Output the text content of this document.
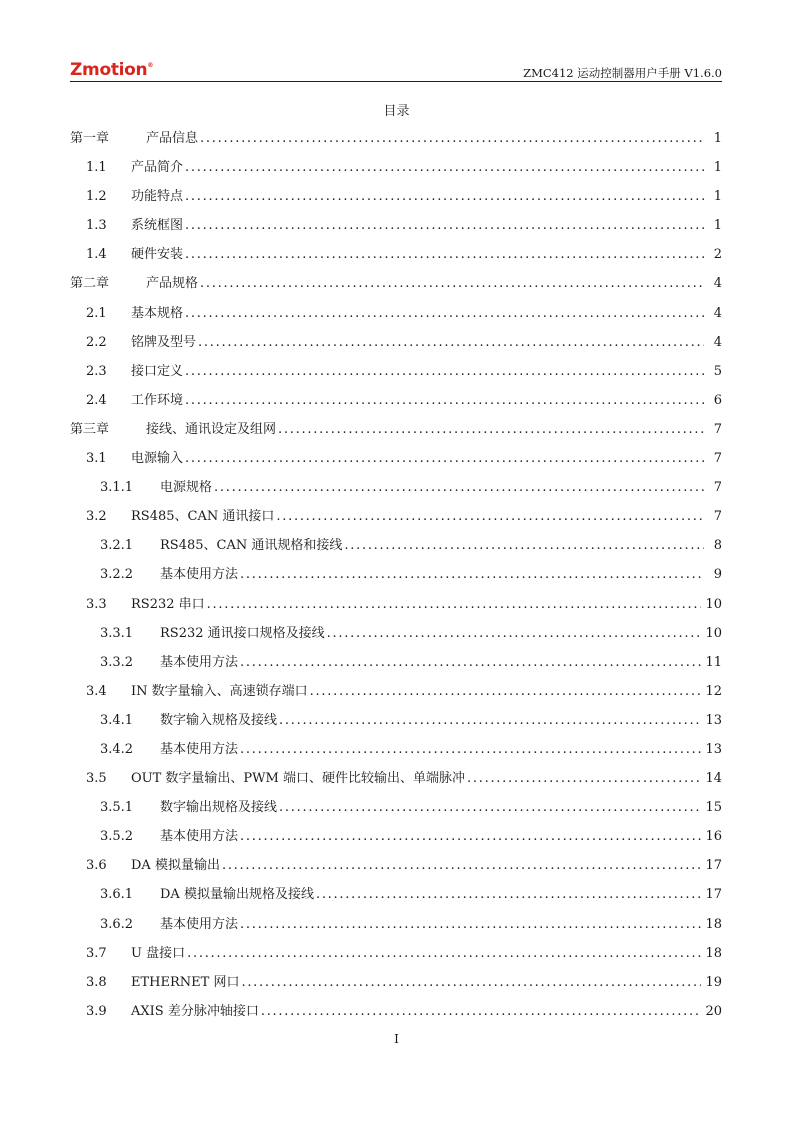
Zmotion®
ZMC412 运动控制器用户手册 V1.6.0
目录
第一章	产品信息 . . .	1
1.1	产品简介 . . .	1
1.2	功能特点 . . .	1
1.3	系统框图 . . .	1
1.4	硬件安装 . . .	2
第二章	产品规格 . . .	4
2.1	基本规格 . . .	4
2.2	铭牌及型号 . . .	4
2.3	接口定义 . . .	5
2.4	工作环境 . . .	6
第三章	接线、通讯设定及组网 . . .	7
3.1	电源输入 . . .	7
3.1.1	电源规格 . . .	7
3.2	RS485、CAN 通讯接口 . . .	7
3.2.1	RS485、CAN 通讯规格和接线 . . .	8
3.2.2	基本使用方法 . . .	9
3.3	RS232 串口 . . .	10
3.3.1	RS232 通讯接口规格及接线 . . .	10
3.3.2	基本使用方法 . . .	11
3.4	IN 数字量输入、高速锁存端口 . . .	12
3.4.1	数字输入规格及接线 . . .	13
3.4.2	基本使用方法 . . .	13
3.5	OUT 数字量输出、PWM 端口、硬件比较输出、单端脉冲 . . .	14
3.5.1	数字输出规格及接线 . . .	15
3.5.2	基本使用方法 . . .	16
3.6	DA 模拟量输出 . . .	17
3.6.1	DA 模拟量输出规格及接线 . . .	17
3.6.2	基本使用方法 . . .	18
3.7	U 盘接口 . . .	18
3.8	ETHERNET 网口 . . .	19
3.9	AXIS 差分脉冲轴接口 . . .	20
I
